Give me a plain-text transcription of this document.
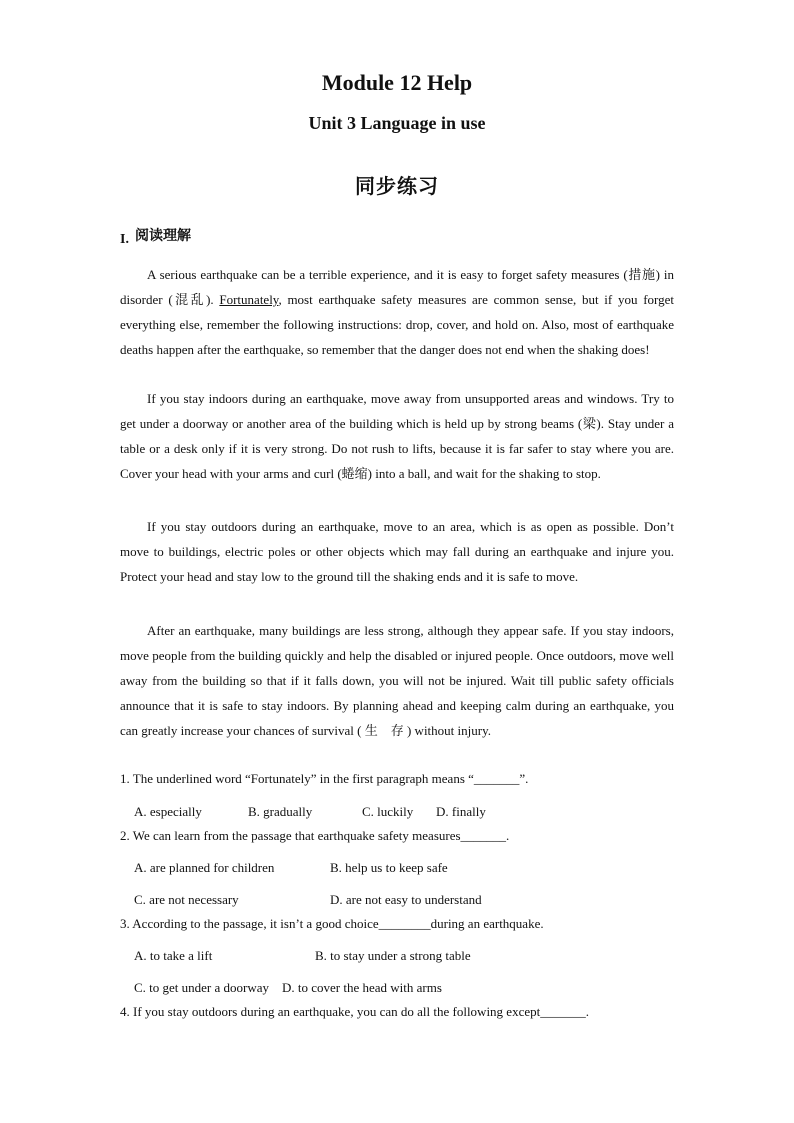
Module 12 Help
Unit 3 Language in use
同步练习
I. 阅读理解
A serious earthquake can be a terrible experience, and it is easy to forget safety measures (措施) in disorder (混乱). Fortunately, most earthquake safety measures are common sense, but if you forget everything else, remember the following instructions: drop, cover, and hold on. Also, most of earthquake deaths happen after the earthquake, so remember that the danger does not end when the shaking does!
If you stay indoors during an earthquake, move away from unsupported areas and windows. Try to get under a doorway or another area of the building which is held up by strong beams (梁). Stay under a table or a desk only if it is very strong. Do not rush to lifts, because it is far safer to stay where you are. Cover your head with your arms and curl (蜷缩) into a ball, and wait for the shaking to stop.
If you stay outdoors during an earthquake, move to an area, which is as open as possible. Don’t move to buildings, electric poles or other objects which may fall during an earthquake and injure you. Protect your head and stay low to the ground till the shaking ends and it is safe to move.
After an earthquake, many buildings are less strong, although they appear safe. If you stay indoors, move people from the building quickly and help the disabled or injured people. Once outdoors, move well away from the building so that if it falls down, you will not be injured. Wait till public safety officials announce that it is safe to stay indoors. By planning ahead and keeping calm during an earthquake, you can greatly increase your chances of survival ( 生　存 ) without injury.
1. The underlined word “Fortunately” in the first paragraph means “_______”.
A. especially	B. gradually	C. luckily D. finally
2. We can learn from the passage that earthquake safety measures_______.
A. are planned for children	B. help us to keep safe
C. are not necessary	D. are not easy to understand
3. According to the passage, it isn’t a good choice________during an earthquake.
A. to take a lift	B. to stay under a strong table
C. to get under a doorway D. to cover the head with arms
4. If you stay outdoors during an earthquake, you can do all the following except_______.
